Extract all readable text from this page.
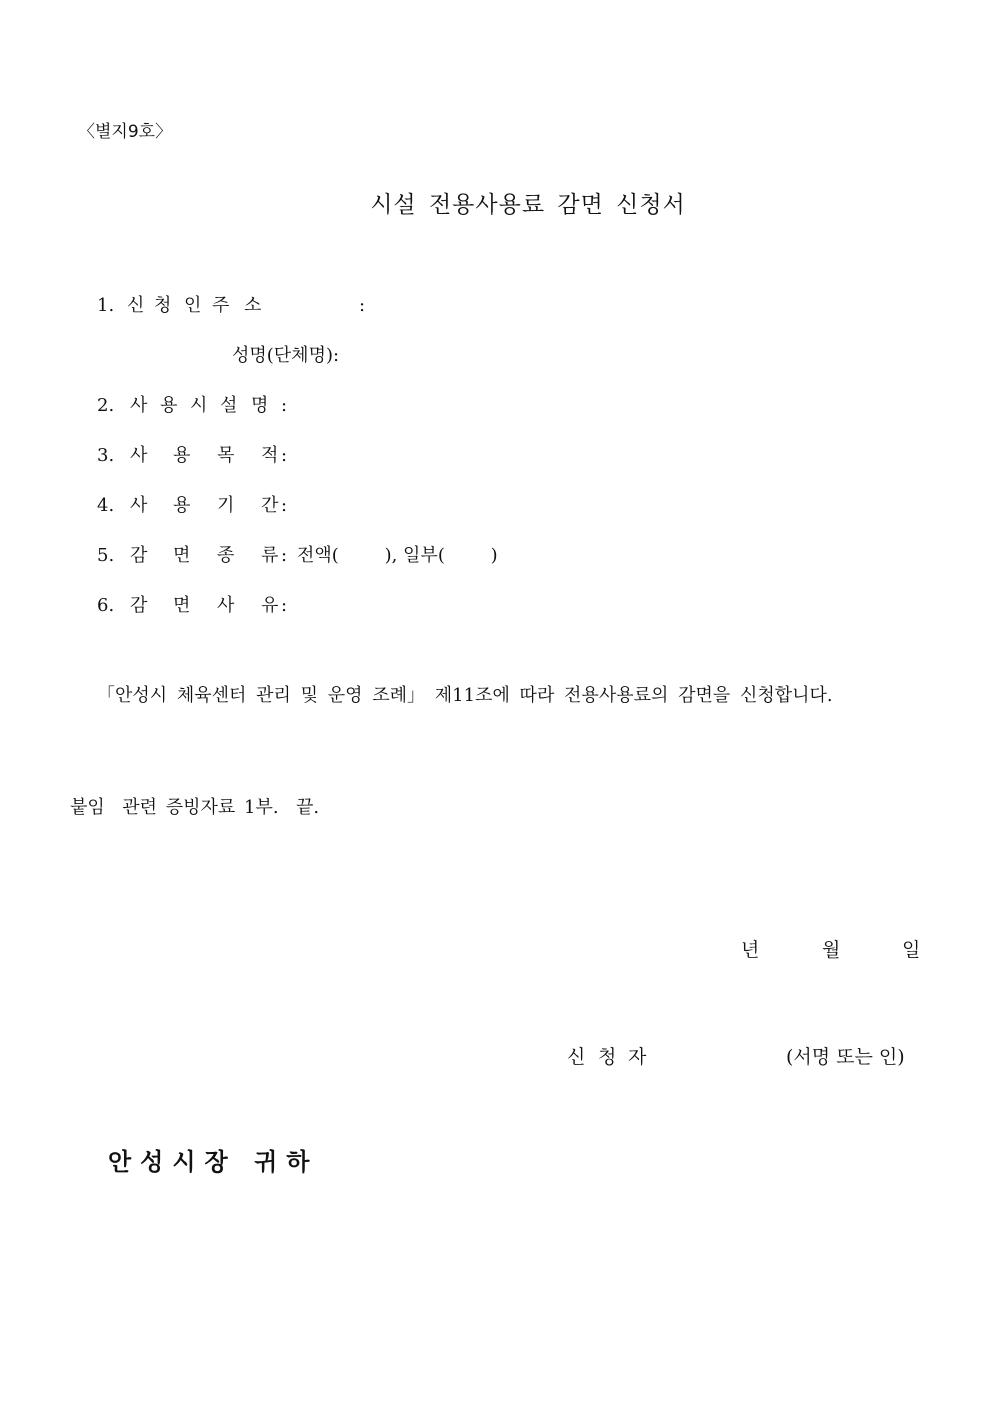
〈별지9호〉
시설 전용사용료 감면 신청서
1. 신 청 인 주 소	:
성명(단체명):
2. 사 용 시 설 명 :
3. 사 용 목 적 :
4. 사 용 기 간 :
5. 감 면 종 류 : 전액(        ), 일부(        )
6. 감 면 사 유 :
「안성시 체육센터 관리 및 운영 조례」 제11조에 따라 전용사용료의 감면을 신청합니다.
붙임  관련 증빙자료 1부.  끝.
년	월	일
신 청 자	(서명 또는 인)
안성시장 귀하
